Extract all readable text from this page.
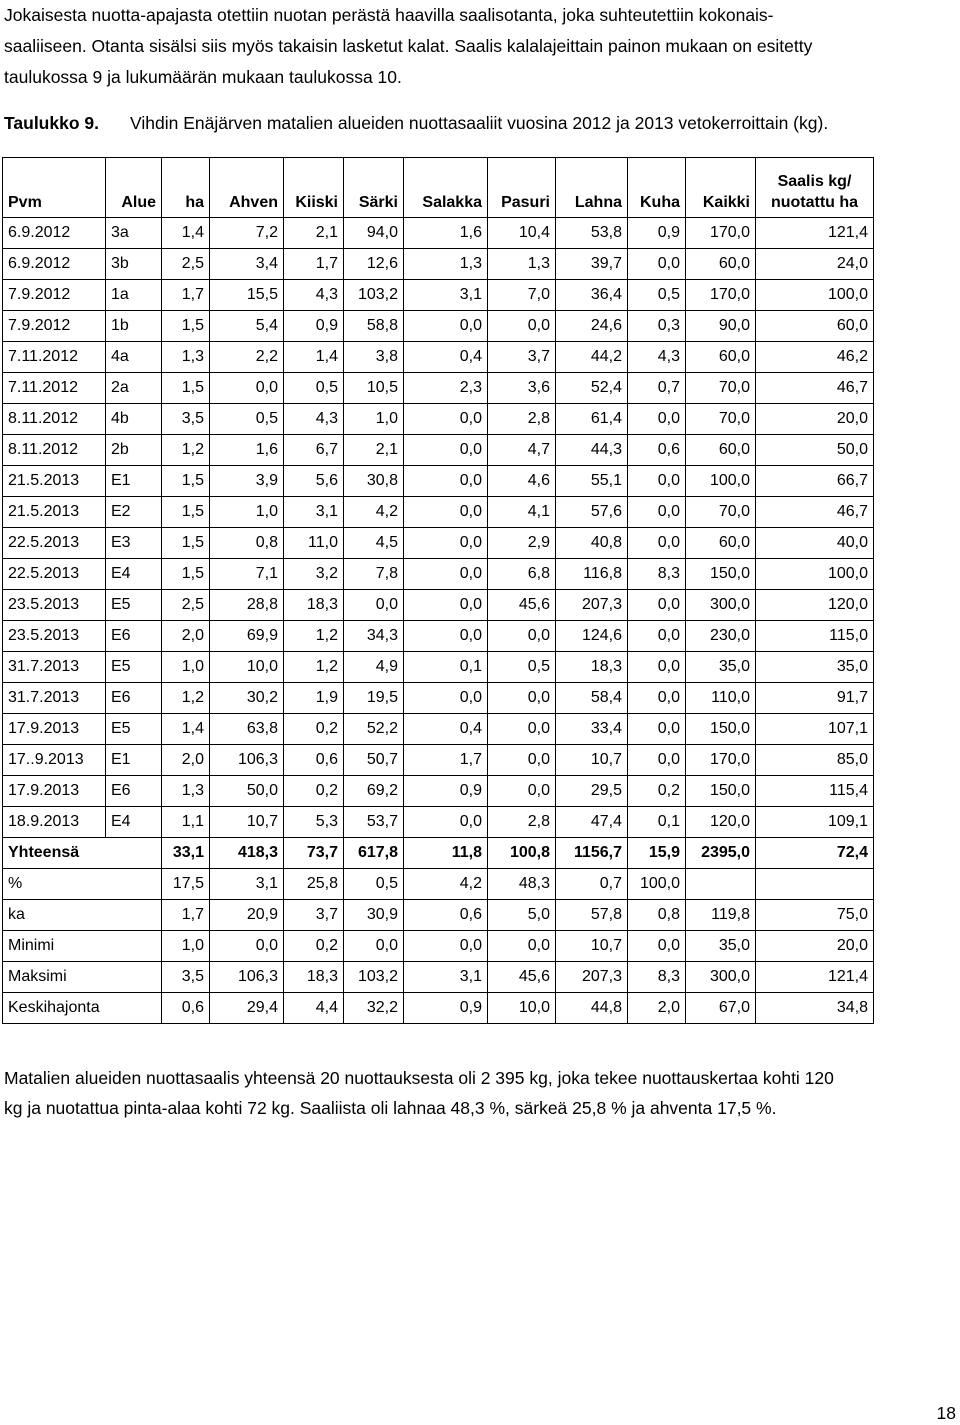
Jokaisesta nuotta-apajasta otettiin nuotan perästä haavilla saalisotanta, joka suhteutettiin kokonais-
saaliiseen. Otanta sisälsi siis myös takaisin lasketut kalat. Saalis kalalajeittain painon mukaan on esitetty
taulukossa 9 ja lukumäärän mukaan taulukossa 10.
Taulukko 9. Vihdin Enäjärven matalien alueiden nuottasaaliit vuosina 2012 ja 2013 vetokerroittain (kg).
Pvm	Alue	ha	Ahven	Kiiski	Särki	Salakka	Pasuri	Lahna	Kuha	Kaikki	Saalis kg/
nuotattu ha

6.9.2012	3a	1,4	7,2	2,1	94,0	1,6	10,4	53,8	0,9	170,0	121,4
6.9.2012	3b	2,5	3,4	1,7	12,6	1,3	1,3	39,7	0,0	60,0	24,0
7.9.2012	1a	1,7	15,5	4,3	103,2	3,1	7,0	36,4	0,5	170,0	100,0
7.9.2012	1b	1,5	5,4	0,9	58,8	0,0	0,0	24,6	0,3	90,0	60,0
7.11.2012	4a	1,3	2,2	1,4	3,8	0,4	3,7	44,2	4,3	60,0	46,2
7.11.2012	2a	1,5	0,0	0,5	10,5	2,3	3,6	52,4	0,7	70,0	46,7
8.11.2012	4b	3,5	0,5	4,3	1,0	0,0	2,8	61,4	0,0	70,0	20,0
8.11.2012	2b	1,2	1,6	6,7	2,1	0,0	4,7	44,3	0,6	60,0	50,0
21.5.2013	E1	1,5	3,9	5,6	30,8	0,0	4,6	55,1	0,0	100,0	66,7
21.5.2013	E2	1,5	1,0	3,1	4,2	0,0	4,1	57,6	0,0	70,0	46,7
22.5.2013	E3	1,5	0,8	11,0	4,5	0,0	2,9	40,8	0,0	60,0	40,0
22.5.2013	E4	1,5	7,1	3,2	7,8	0,0	6,8	116,8	8,3	150,0	100,0
23.5.2013	E5	2,5	28,8	18,3	0,0	0,0	45,6	207,3	0,0	300,0	120,0
23.5.2013	E6	2,0	69,9	1,2	34,3	0,0	0,0	124,6	0,0	230,0	115,0
31.7.2013	E5	1,0	10,0	1,2	4,9	0,1	0,5	18,3	0,0	35,0	35,0
31.7.2013	E6	1,2	30,2	1,9	19,5	0,0	0,0	58,4	0,0	110,0	91,7
17.9.2013	E5	1,4	63,8	0,2	52,2	0,4	0,0	33,4	0,0	150,0	107,1
17..9.2013	E1	2,0	106,3	0,6	50,7	1,7	0,0	10,7	0,0	170,0	85,0
17.9.2013	E6	1,3	50,0	0,2	69,2	0,9	0,0	29,5	0,2	150,0	115,4
18.9.2013	E4	1,1	10,7	5,3	53,7	0,0	2,8	47,4	0,1	120,0	109,1
Yhteensä		33,1	418,3	73,7	617,8	11,8	100,8	1156,7	15,9	2395,0	72,4
%		17,5	3,1	25,8	0,5	4,2	48,3	0,7	100,0		
ka		1,7	20,9	3,7	30,9	0,6	5,0	57,8	0,8	119,8	75,0
Minimi		1,0	0,0	0,2	0,0	0,0	0,0	10,7	0,0	35,0	20,0
Maksimi		3,5	106,3	18,3	103,2	3,1	45,6	207,3	8,3	300,0	121,4
Keskihajonta		0,6	29,4	4,4	32,2	0,9	10,0	44,8	2,0	67,0	34,8
Matalien alueiden nuottasaalis yhteensä 20 nuottauksesta oli 2 395 kg, joka tekee nuottauskertaa kohti 120
kg ja nuotattua pinta-alaa kohti 72 kg. Saaliista oli lahnaa 48,3 %, särkeä 25,8 % ja ahventa 17,5 %.
18
